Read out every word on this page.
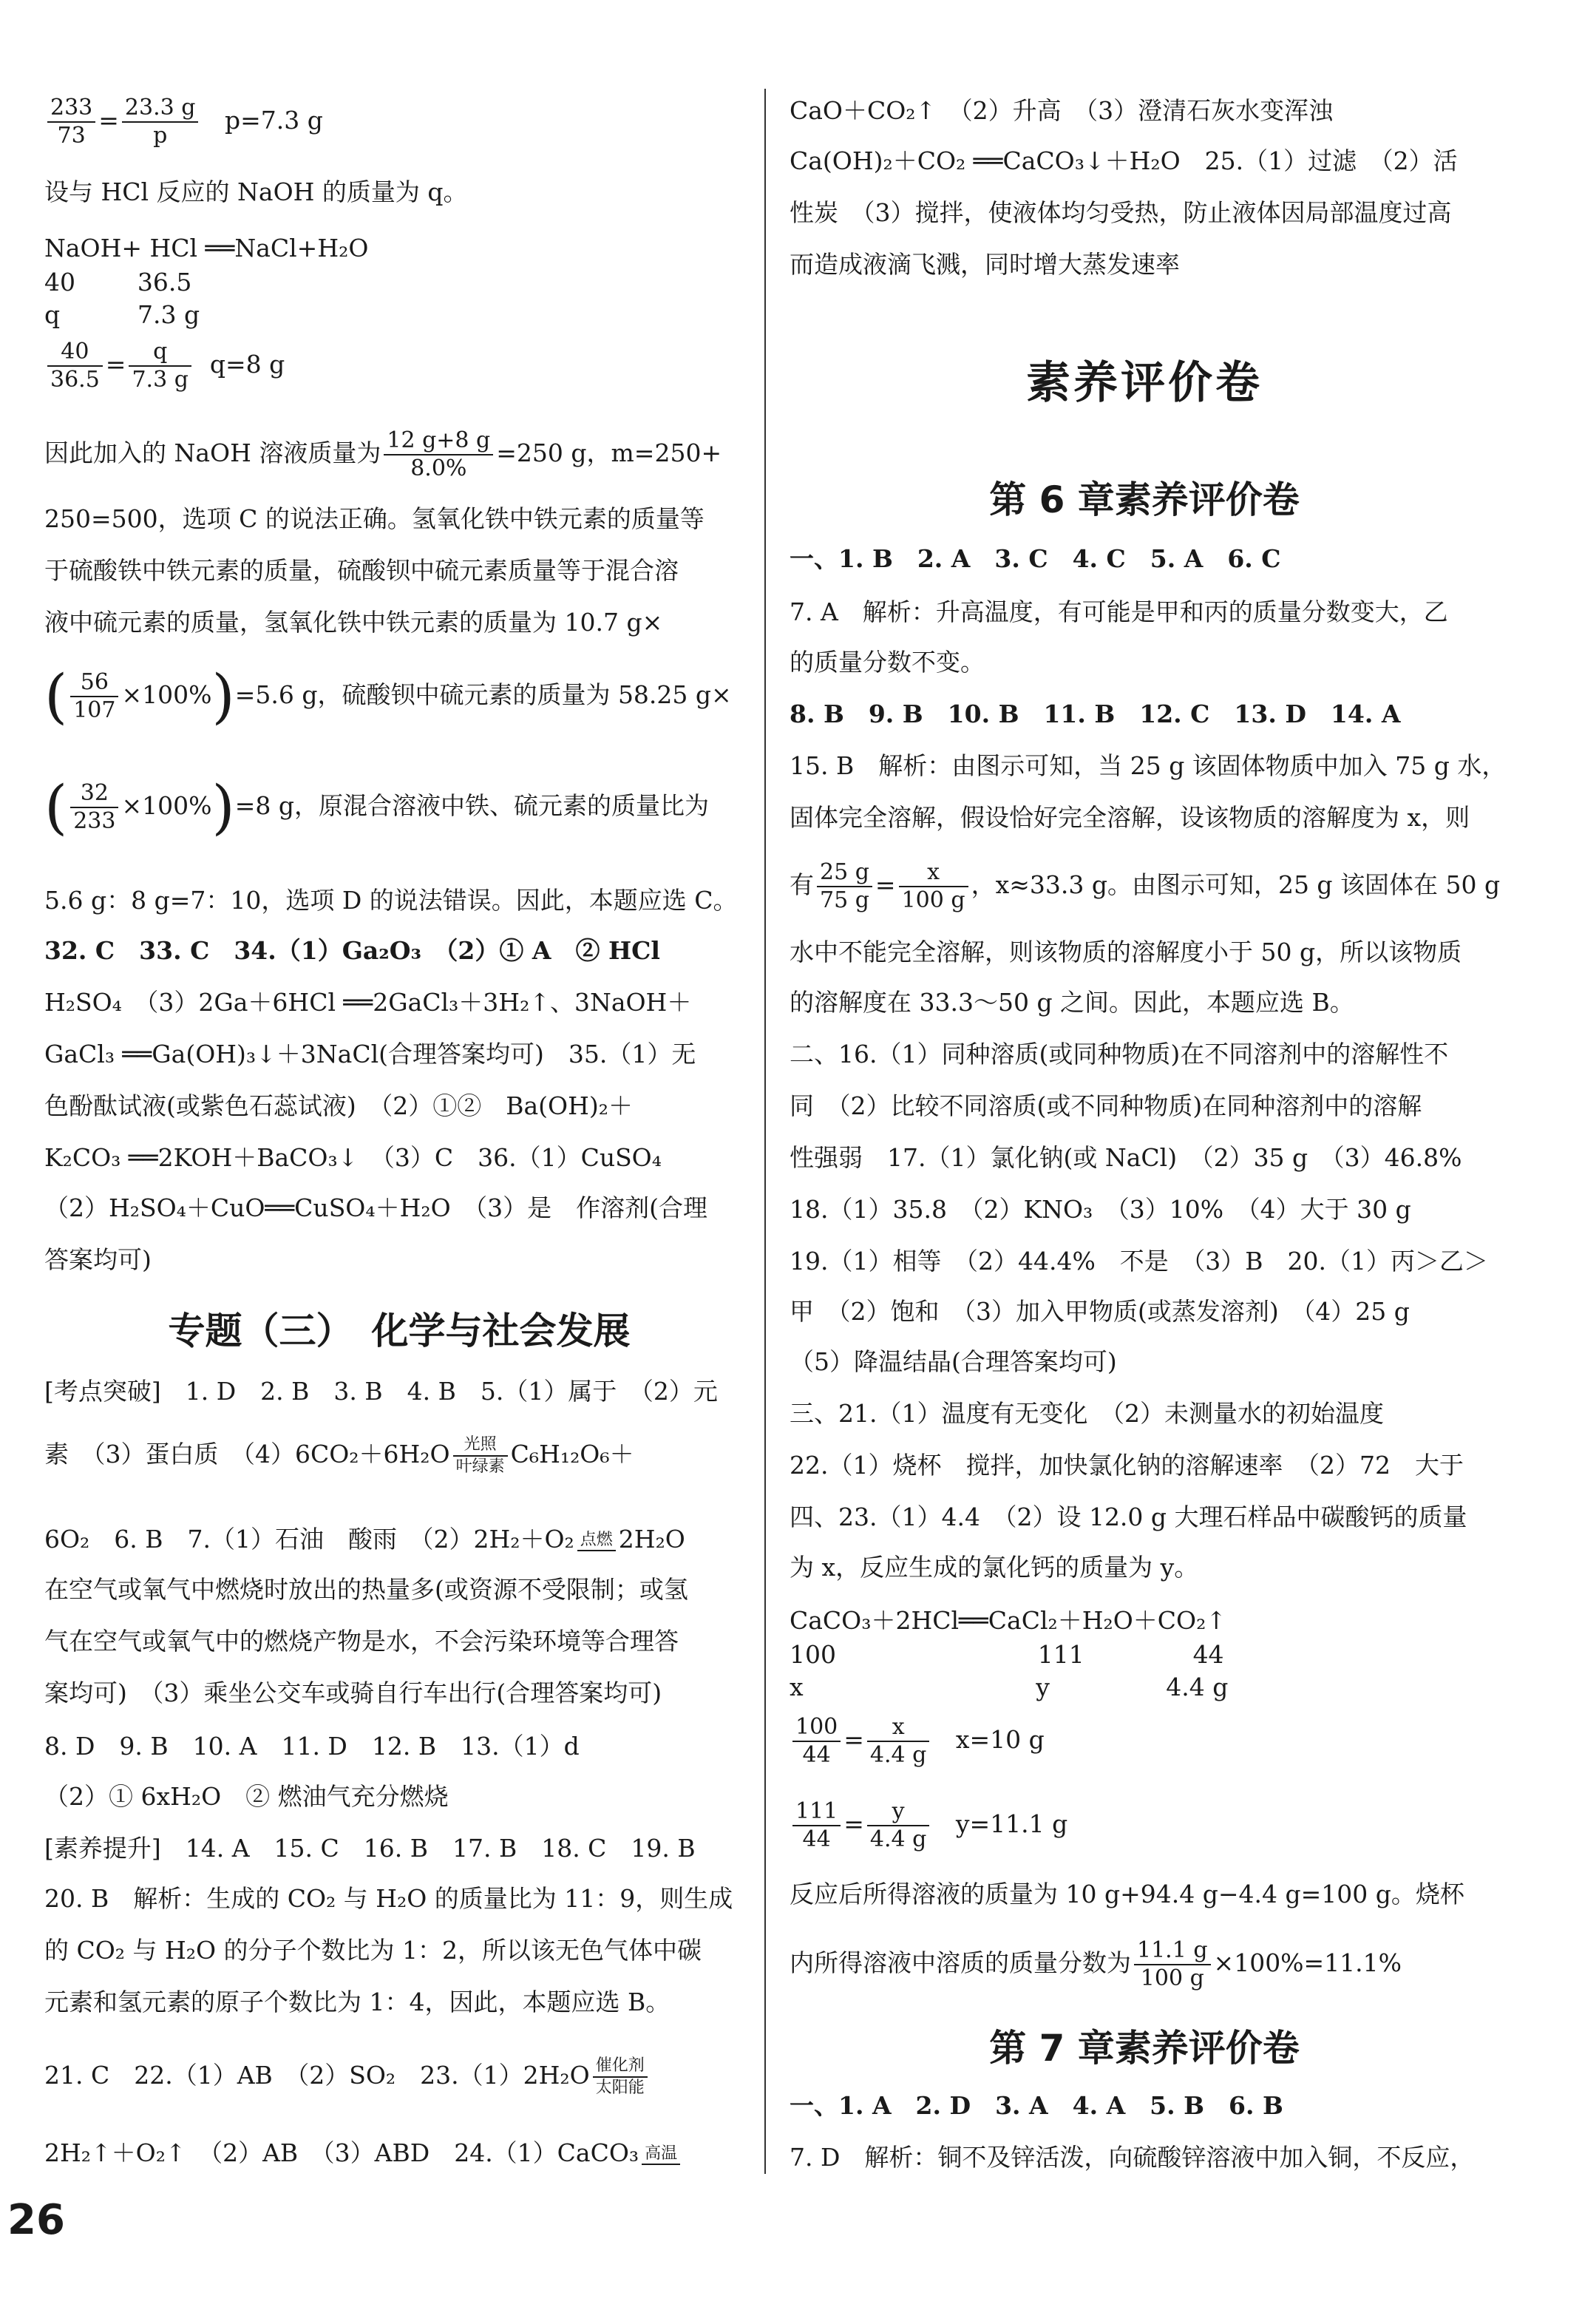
$\frac{233}{73} = \frac{23.3 g}{p} p=7.3$ g
设与 HCl 反应的 NaOH 的质量为 q。
NaOH+ HCl ══NaCl+H₂O
40        36.5
q          7.3 g
$\frac{40}{36.5} = \frac{q}{7.3 g} q=8$ g
因此加入的 NaOH 溶液质量为 $\frac{12 g+8 g}{8.0\%} =250$ g，m=250+
250=500，选项 C 的说法正确。氢氧化铁中铁元素的质量等
于硫酸铁中铁元素的质量，硫酸钡中硫元素质量等于混合溶
液中硫元素的质量，氢氧化铁中铁元素的质量为 10.7 g×
( $\frac{56}{107} \times 100\%)=5.6$ g，硫酸钡中硫元素的质量为 58.25 g×
( $\frac{32}{233} \times 100\%)=8$ g，原混合溶液中铁、硫元素的质量比为
5.6 g：8 g=7：10，选项 D 的说法错误。因此，本题应选 C。
32. C　33. C　34.（1）Ga₂O₃　（2）① A　② HCl
H₂SO₄　（3）2Ga＋6HCl ══2GaCl₃＋3H₂↑、3NaOH＋
GaCl₃ ══Ga(OH)₃↓＋3NaCl(合理答案均可)　35.（1）无
色酚酞试液(或紫色石蕊试液)　（2）①②　Ba(OH)₂＋
K₂CO₃ ══2KOH＋BaCO₃↓　（3）C　36.（1）CuSO₄
（2）H₂SO₄＋CuO══CuSO₄＋H₂O　（3）是　作溶剂(合理
答案均可)
专题（三）　化学与社会发展
[考点突破]　1. D　2. B　3. B　4. B　5.（1）属于　（2）元
素　（3）蛋白质　$(4)6CO_2+6H_2O \frac{\text{光照}}{\text{叶绿素}} C_6H_{12}O_6+$
6O₂　6. B　7.（1）石油　酸雨　（2）2H₂＋O₂ 点燃 2H₂O
在空气或氧气中燃烧时放出的热量多(或资源不受限制；或氢
气在空气或氧气中的燃烧产物是水，不会污染环境等合理答
案均可)　（3）乘坐公交车或骑自行车出行(合理答案均可)
8. D　9. B　10. A　11. D　12. B　13.（1）d
（2）① 6xH₂O　② 燃油气充分燃烧
[素养提升]　14. A　15. C　16. B　17. B　18. C　19. B
20. B　解析：生成的 CO₂ 与 H₂O 的质量比为 11：9，则生成
的 CO₂ 与 H₂O 的分子个数比为 1：2，所以该无色气体中碳
元素和氢元素的原子个数比为 1：4，因此，本题应选 B。
21. C　22.（1）AB　（2）SO₂　$23.(1)2H_2O \frac{\text{催化剂}}{\text{太阳能}}$
2H₂↑＋O₂↑　（2）AB　（3）ABD　24.（1）CaCO₃ 高温
CaO＋CO₂↑　（2）升高　（3）澄清石灰水变浑浊
Ca(OH)₂＋CO₂ ══CaCO₃↓＋H₂O　25.（1）过滤　（2）活
性炭　（3）搅拌，使液体均匀受热，防止液体因局部温度过高
而造成液滴飞溅，同时增大蒸发速率
素养评价卷
第 6 章素养评价卷
一、1. B　2. A　3. C　4. C　5. A　6. C
7. A　解析：升高温度，有可能是甲和丙的质量分数变大，乙
的质量分数不变。
8. B　9. B　10. B　11. B　12. C　13. D　14. A
15. B　解析：由图示可知，当 25 g 该固体物质中加入 75 g 水，
固体完全溶解，假设恰好完全溶解，设该物质的溶解度为 x，则
有 $\frac{25 g}{75 g} = \frac{x}{100 g}$ ，x≈33.3 g。由图示可知，25 g 该固体在 50 g
水中不能完全溶解，则该物质的溶解度小于 50 g，所以该物质
的溶解度在 33.3～50 g 之间。因此，本题应选 B。
二、16.（1）同种溶质(或同种物质)在不同溶剂中的溶解性不
同　（2）比较不同溶质(或不同种物质)在同种溶剂中的溶解
性强弱　17.（1）氯化钠(或 NaCl)　（2）35 g　（3）46.8%
18.（1）35.8　（2）KNO₃　（3）10%　（4）大于 30 g
19.（1）相等　（2）44.4%　不是　（3）B　20.（1）丙＞乙＞
甲　（2）饱和　（3）加入甲物质(或蒸发溶剂)　（4）25 g
（5）降温结晶(合理答案均可)
三、21.（1）温度有无变化　（2）未测量水的初始温度
22.（1）烧杯　搅拌，加快氯化钠的溶解速率　（2）72　大于
四、23.（1）4.4　（2）设 12.0 g 大理石样品中碳酸钙的质量
为 x，反应生成的氯化钙的质量为 y。
CaCO₃＋2HCl══CaCl₂＋H₂O＋CO₂↑
100                          111              44
x                              y               4.4 g
$\frac{100}{44} = \frac{x}{4.4 g} x=10$ g
$\frac{111}{44} = \frac{y}{4.4 g} y=11.1$ g
反应后所得溶液的质量为 10 g+94.4 g−4.4 g=100 g。烧杯
内所得溶液中溶质的质量分数为 $\frac{11.1 g}{100 g} \times 100\%=11.1\%$
第 7 章素养评价卷
一、1. A　2. D　3. A　4. A　5. B　6. B
7. D　解析：铜不及锌活泼，向硫酸锌溶液中加入铜，不反应，
26
